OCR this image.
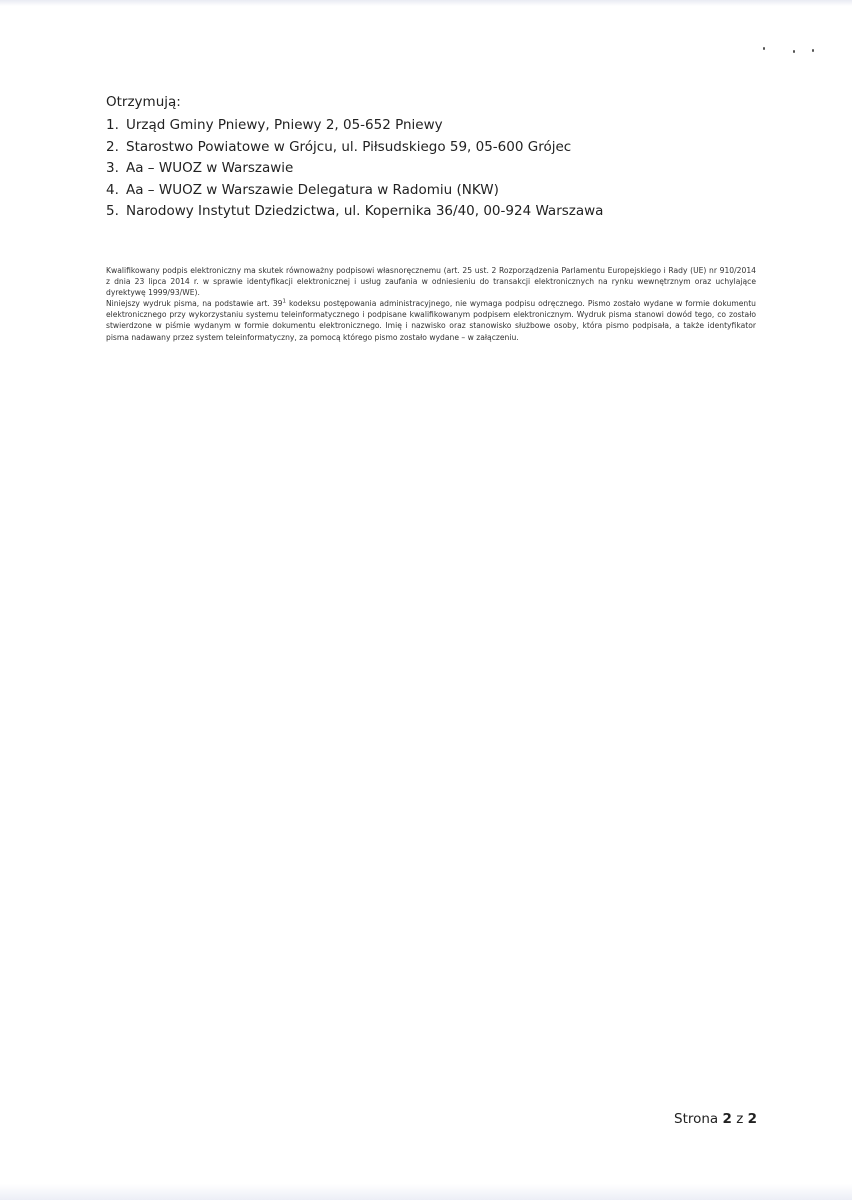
Otrzymują:

1. Urząd Gminy Pniewy, Pniewy 2, 05-652 Pniewy
2. Starostwo Powiatowe w Grójcu, ul. Piłsudskiego 59, 05-600 Grójec
3. Aa – WUOZ w Warszawie
4. Aa – WUOZ w Warszawie Delegatura w Radomiu (NKW)
5. Narodowy Instytut Dziedzictwa, ul. Kopernika 36/40, 00-924 Warszawa

Kwalifikowany podpis elektroniczny ma skutek równoważny podpisowi własnoręcznemu (art. 25 ust. 2 Rozporządzenia Parlamentu Europejskiego i Rady (UE) nr 910/2014 z dnia 23 lipca 2014 r. w sprawie identyfikacji elektronicznej i usług zaufania w odniesieniu do transakcji elektronicznych na rynku wewnętrznym oraz uchylające dyrektywę 1999/93/WE).

Niniejszy wydruk pisma, na podstawie art. $39^1$ kodeksu postępowania administracyjnego, nie wymaga podpisu odręcznego. Pismo zostało wydane w formie dokumentu elektronicznego przy wykorzystaniu systemu teleinformatycznego i podpisane kwalifikowanym podpisem elektronicznym. Wydruk pisma stanowi dowód tego, co zostało stwierdzone w piśmie wydanym w formie dokumentu elektronicznego. Imię i nazwisko oraz stanowisko służbowe osoby, która pismo podpisała, a także identyfikator pisma nadawany przez system teleinformatyczny, za pomocą którego pismo zostało wydane – w załączeniu.

Strona 2 z 2
